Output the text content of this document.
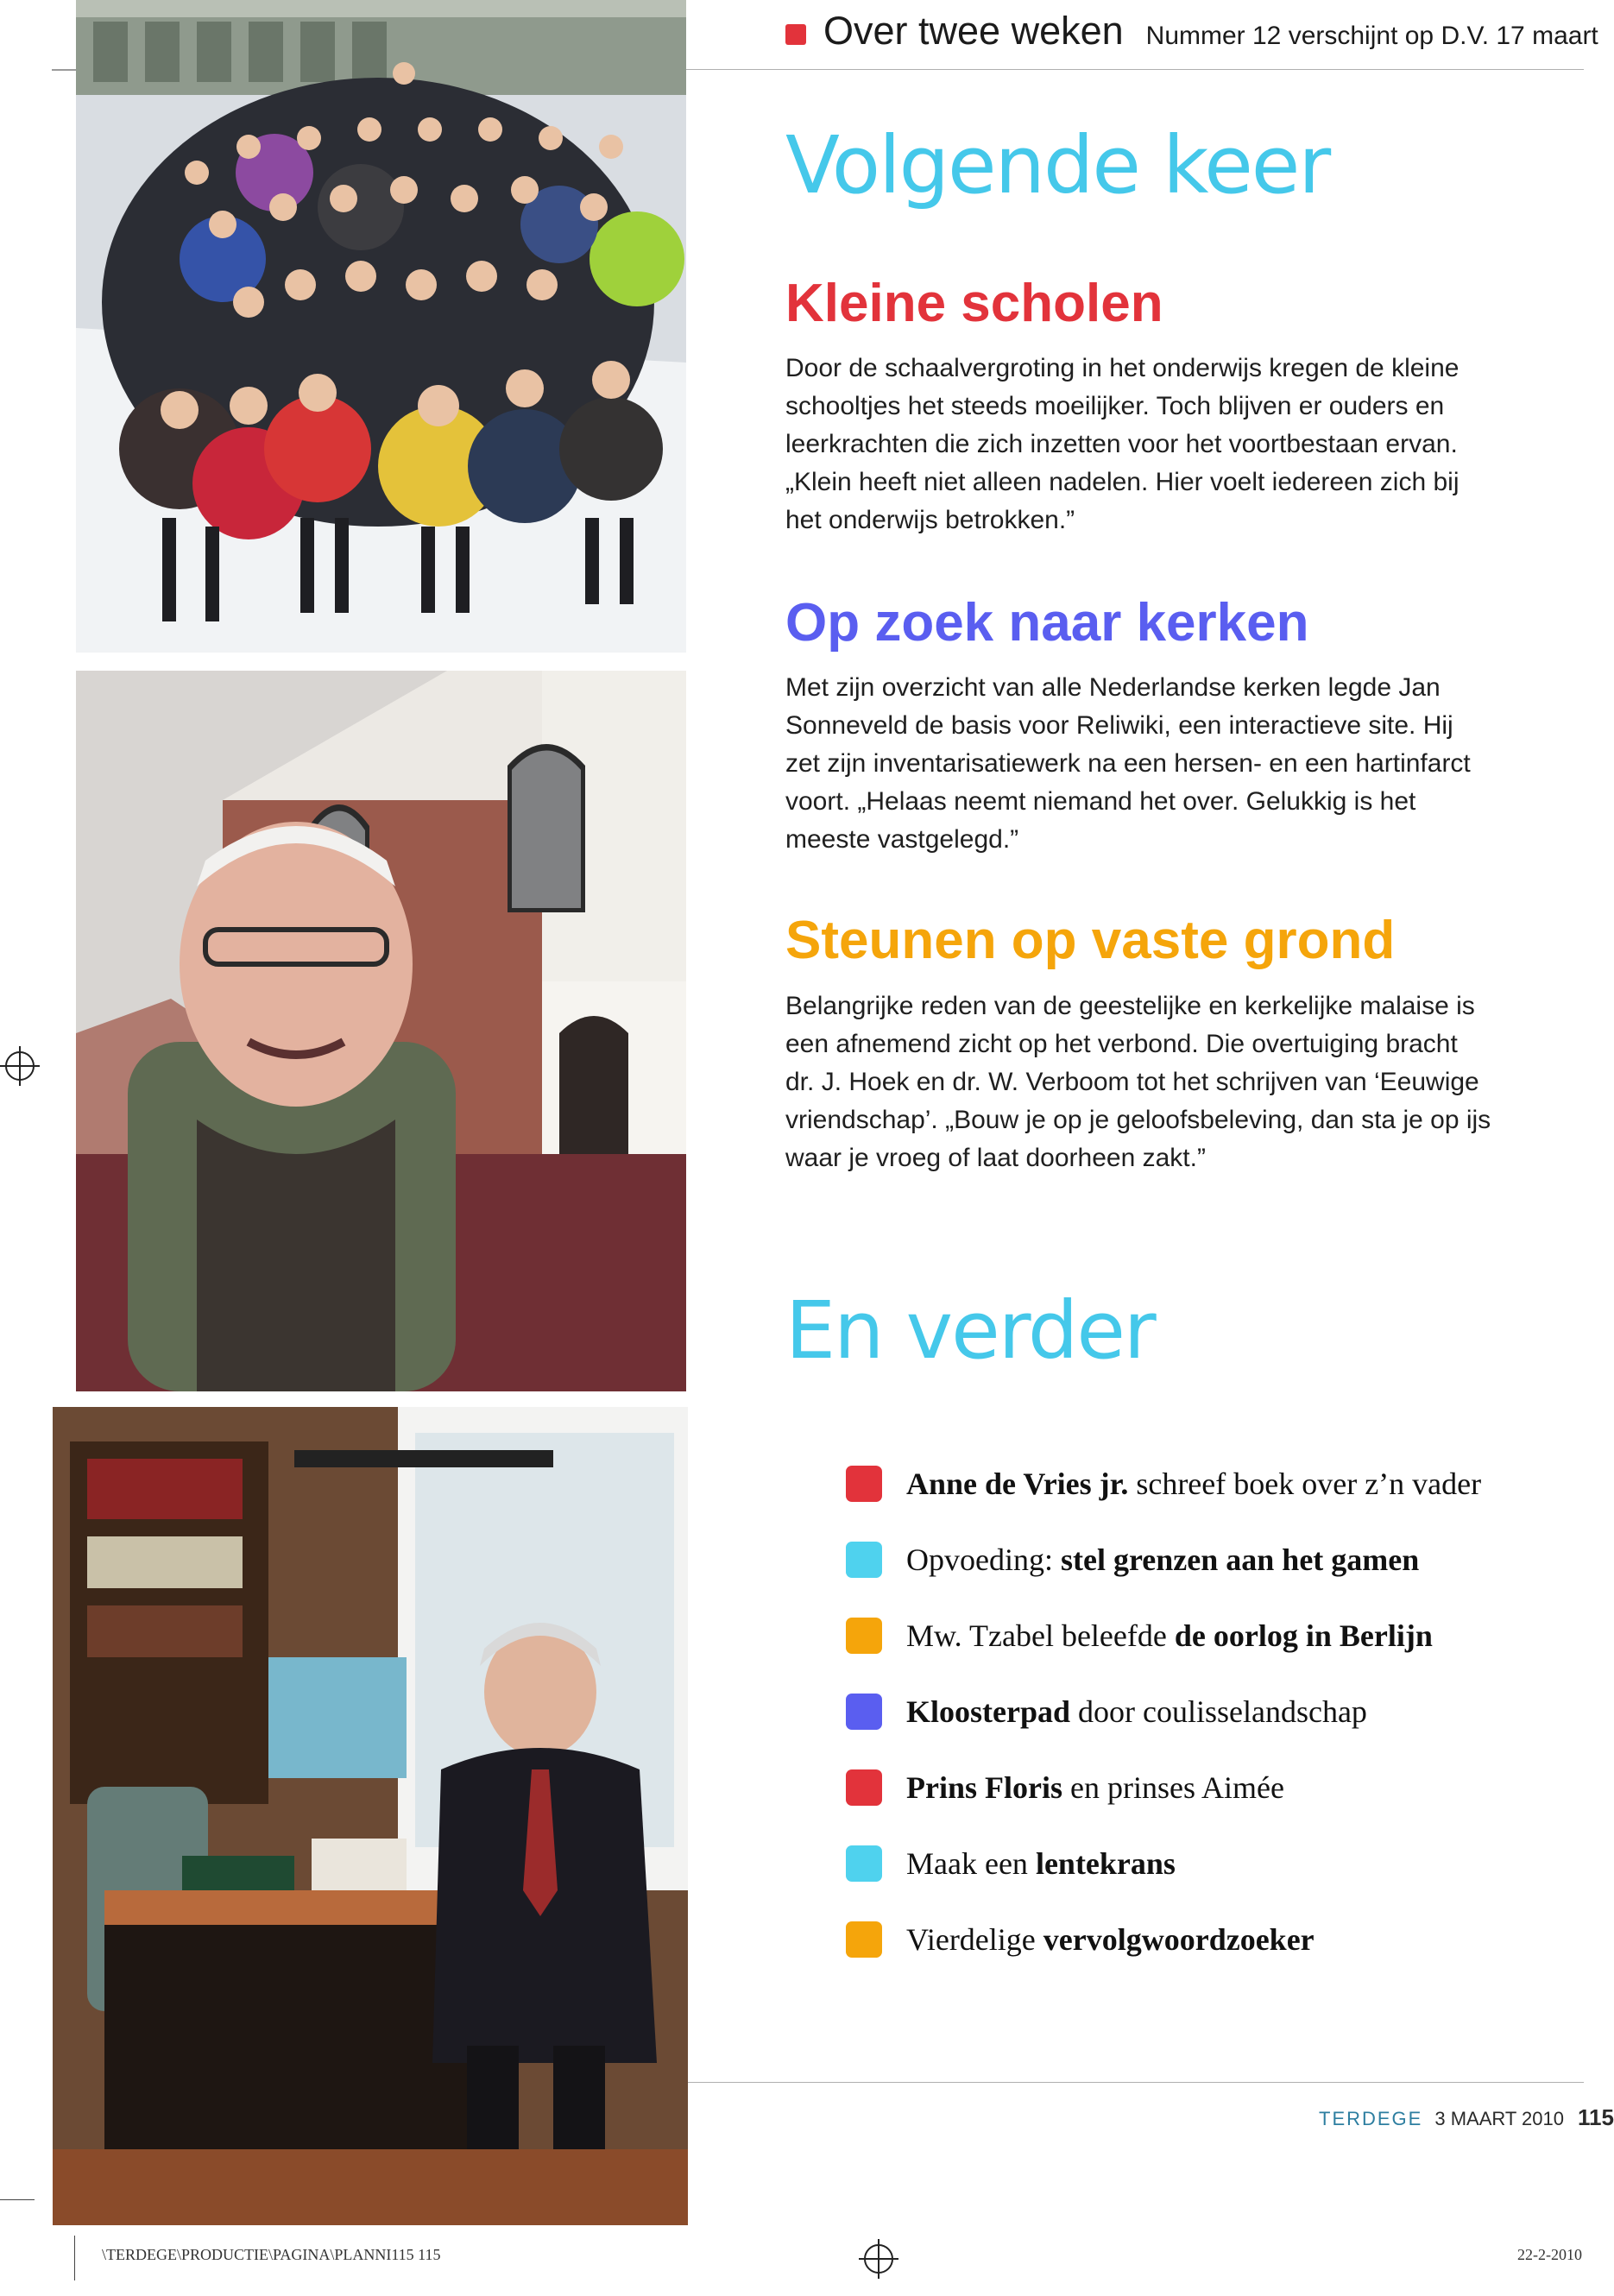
Over twee weken Nummer 12 verschijnt op D.V. 17 maart
Volgende keer
Kleine scholen
Door de schaalvergroting in het onderwijs kregen de kleine schooltjes het steeds moeilijker. Toch blijven er ouders en leerkrachten die zich inzetten voor het voortbestaan ervan. „Klein heeft niet alleen nadelen. Hier voelt iedereen zich bij het onderwijs betrokken.”
Op zoek naar kerken
Met zijn overzicht van alle Nederlandse kerken legde Jan Sonneveld de basis voor Reliwiki, een interactieve site. Hij zet zijn inventarisatiewerk na een hersen- en een hartinfarct voort. „Helaas neemt niemand het over. Gelukkig is het meeste vastgelegd.”
Steunen op vaste grond
Belangrijke reden van de geestelijke en kerkelijke malaise is een afnemend zicht op het verbond. Die overtuiging bracht dr. J. Hoek en dr. W. Verboom tot het schrijven van ‘Eeuwige vriendschap’. „Bouw je op je geloofsbeleving, dan sta je op ijs waar je vroeg of laat doorheen zakt.”
En verder
Anne de Vries jr. schreef boek over z’n vader
Opvoeding: stel grenzen aan het gamen
Mw. Tzabel beleefde de oorlog in Berlijn
Kloosterpad door coulisselandschap
Prins Floris en prinses Aimée
Maak een lentekrans
Vierdelige vervolgwoordzoeker
TERDEGE 3 MAART 2010 115
\TERDEGE\PRODUCTIE\PAGINA\PLANNI115 115	22-2-2010
